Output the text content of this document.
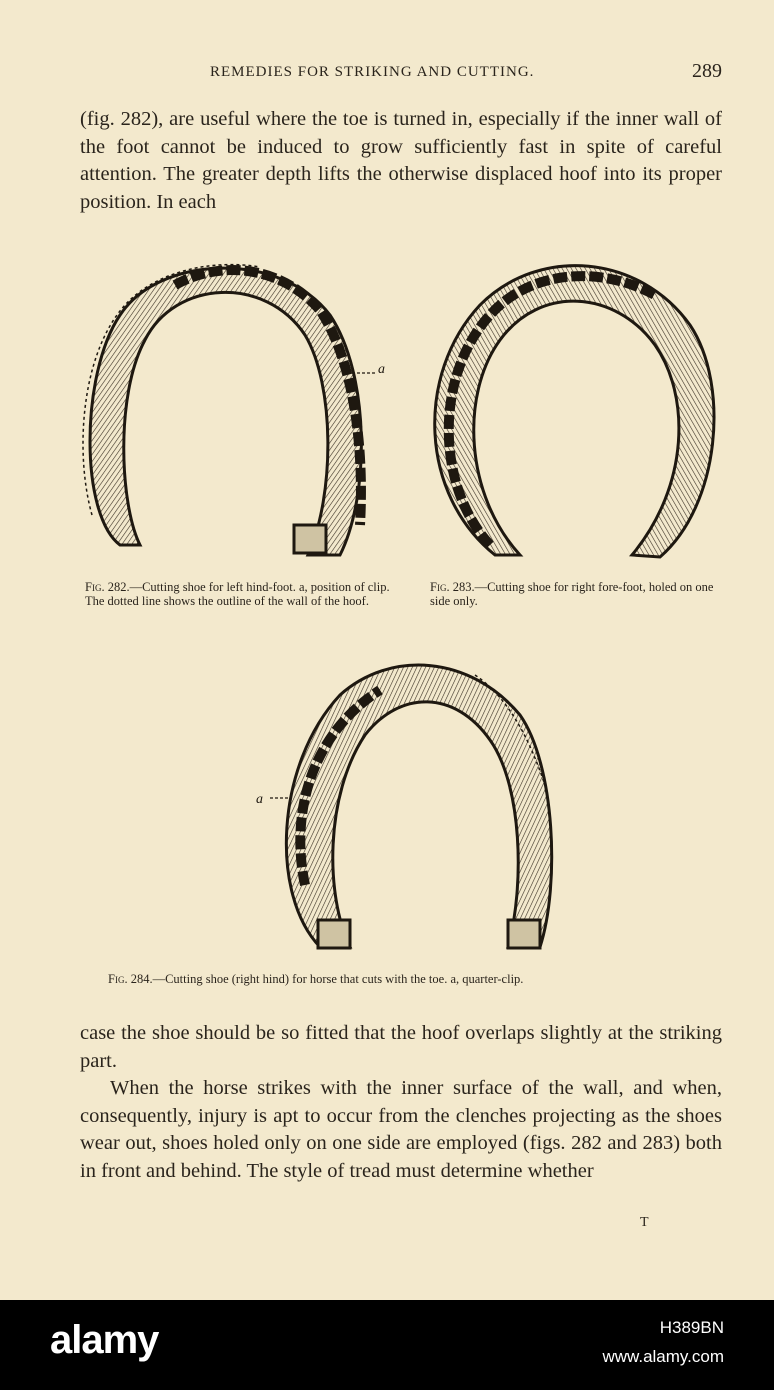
REMEDIES FOR STRIKING AND CUTTING.	289

(fig. 282), are useful where the toe is turned in, especially if the inner wall of the foot cannot be induced to grow sufficiently fast in spite of careful attention. The greater depth lifts the otherwise displaced hoof into its proper position. In each

a
Fig. 282.—Cutting shoe for left hind-foot. a, position of clip. The dotted line shows the outline of the wall of the hoof.
Fig. 283.—Cutting shoe for right fore-foot, holed on one side only.
a
Fig. 284.—Cutting shoe (right hind) for horse that cuts with the toe. a, quarter-clip.

case the shoe should be so fitted that the hoof overlaps slightly at the striking part.

When the horse strikes with the inner surface of the wall, and when, consequently, injury is apt to occur from the clenches projecting as the shoes wear out, shoes holed only on one side are employed (figs. 282 and 283) both in front and behind. The style of tread must determine whether

T
alamy	H389BN
www.alamy.com
